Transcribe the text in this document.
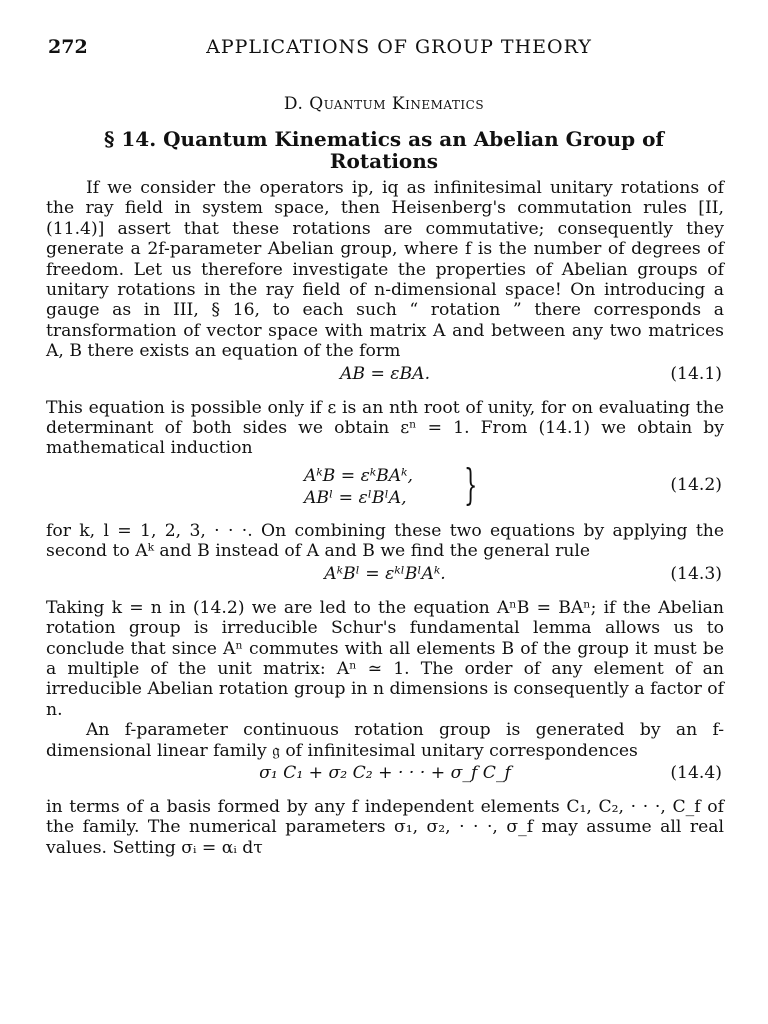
272	APPLICATIONS OF GROUP THEORY
D. Quantum Kinematics
§ 14. Quantum Kinematics as an Abelian Group of Rotations

If we consider the operators ip, iq as infinitesimal unitary rotations of the ray field in system space, then Heisenberg's commutation rules [II, (11.4)] assert that these rotations are commutative; consequently they generate a 2f-parameter Abelian group, where f is the number of degrees of freedom. Let us therefore investigate the properties of Abelian groups of unitary rotations in the ray field of n-dimensional space! On introducing a gauge as in III, § 16, to each such “ rotation ” there corresponds a transformation of vector space with matrix A and between any two matrices A, B there exists an equation of the form

AB = εBA.	(14.1)

This equation is possible only if ε is an nth root of unity, for on evaluating the determinant of both sides we obtain εⁿ = 1. From (14.1) we obtain by mathematical induction

AᵏB = εᵏBAᵏ,
ABˡ = εˡBˡA, }	(14.2)

for k, l = 1, 2, 3, · · ·. On combining these two equations by applying the second to Aᵏ and B instead of A and B we find the general rule

AᵏBˡ = εᵏˡBˡAᵏ.	(14.3)

Taking k = n in (14.2) we are led to the equation AⁿB = BAⁿ; if the Abelian rotation group is irreducible Schur's fundamental lemma allows us to conclude that since Aⁿ commutes with all elements B of the group it must be a multiple of the unit matrix: Aⁿ ≃ 1. The order of any element of an irreducible Abelian rotation group in n dimensions is consequently a factor of n.

An f-parameter continuous rotation group is generated by an f-dimensional linear family 𝔤 of infinitesimal unitary correspondences

σ₁ C₁ + σ₂ C₂ + · · · + σ_f C_f	(14.4)

in terms of a basis formed by any f independent elements C₁, C₂, · · ·, C_f of the family. The numerical parameters σ₁, σ₂, · · ·, σ_f may assume all real values. Setting σᵢ = αᵢ dτ
